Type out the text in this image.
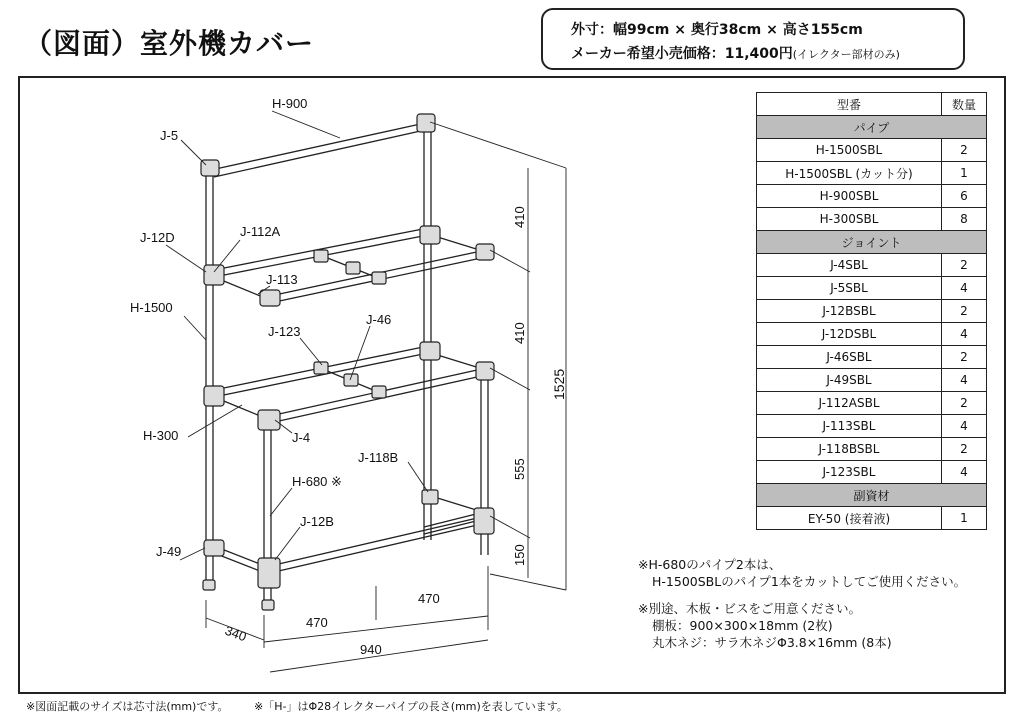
（図面）室外機カバー	外寸：幅99cm × 奥行38cm × 高さ155cm
メーカー希望小売価格：11,400円(イレクター部材のみ)
H-900
J-5
J-12D	J-112A
J-113
H-1500
J-123
J-46
H-300	J-4
J-118B
H-680 ※
J-12B
J-49
410
410
555
150
1525
340
470
470
940
型番	数量
パイプ	
H-1500SBL	2
H-1500SBL (カット分)	1
H-900SBL	6
H-300SBL	8
ジョイント	
J-4SBL	2
J-5SBL	4
J-12BSBL	2
J-12DSBL	4
J-46SBL	2
J-49SBL	4
J-112ASBL	2
J-113SBL	4
J-118BSBL	2
J-123SBL	4
副資材	
EY-50 (接着液)	1

※H-680のパイプ2本は、

H-1500SBLのパイプ1本をカットしてご使用ください。

※別途、木板・ビスをご用意ください。

棚板：900×300×18mm (2枚)

丸木ネジ：サラ木ネジΦ3.8×16mm (8本)

※図面記載のサイズは芯寸法(mm)です。 ※「H-」はΦ28イレクターパイプの長さ(mm)を表しています。
